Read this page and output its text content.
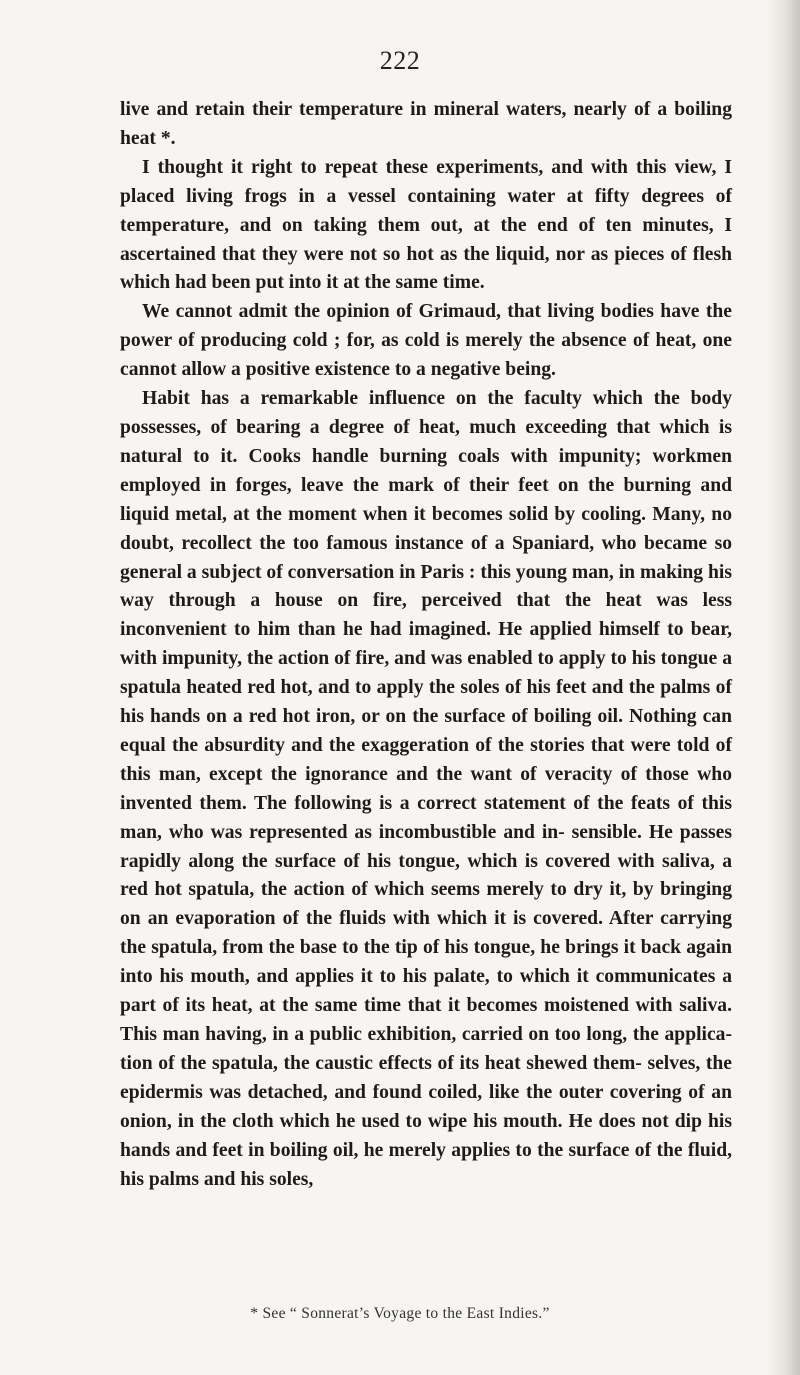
222

live and retain their temperature in mineral waters, nearly of a boiling heat *.

I thought it right to repeat these experiments, and with this view, I placed living frogs in a vessel containing water at fifty degrees of temperature, and on taking them out, at the end of ten minutes, I ascertained that they were not so hot as the liquid, nor as pieces of flesh which had been put into it at the same time.

We cannot admit the opinion of Grimaud, that living bodies have the power of producing cold ; for, as cold is merely the absence of heat, one cannot allow a positive existence to a negative being.

Habit has a remarkable influence on the faculty which the body possesses, of bearing a degree of heat, much exceeding that which is natural to it. Cooks handle burning coals with impunity; workmen employed in forges, leave the mark of their feet on the burning and liquid metal, at the moment when it becomes solid by cooling. Many, no doubt, recollect the too famous instance of a Spaniard, who became so general a subject of conversation in Paris : this young man, in making his way through a house on fire, perceived that the heat was less inconvenient to him than he had imagined. He applied himself to bear, with impunity, the action of fire, and was enabled to apply to his tongue a spatula heated red hot, and to apply the soles of his feet and the palms of his hands on a red hot iron, or on the surface of boiling oil. Nothing can equal the absurdity and the exaggeration of the stories that were told of this man, except the ignorance and the want of veracity of those who invented them. The following is a correct statement of the feats of this man, who was represented as incombustible and in- sensible. He passes rapidly along the surface of his tongue, which is covered with saliva, a red hot spatula, the action of which seems merely to dry it, by bringing on an evaporation of the fluids with which it is covered. After carrying the spatula, from the base to the tip of his tongue, he brings it back again into his mouth, and applies it to his palate, to which it communicates a part of its heat, at the same time that it becomes moistened with saliva. This man having, in a public exhibition, carried on too long, the applica- tion of the spatula, the caustic effects of its heat shewed them- selves, the epidermis was detached, and found coiled, like the outer covering of an onion, in the cloth which he used to wipe his mouth. He does not dip his hands and feet in boiling oil, he merely applies to the surface of the fluid, his palms and his soles,

* See “ Sonnerat’s Voyage to the East Indies.”
